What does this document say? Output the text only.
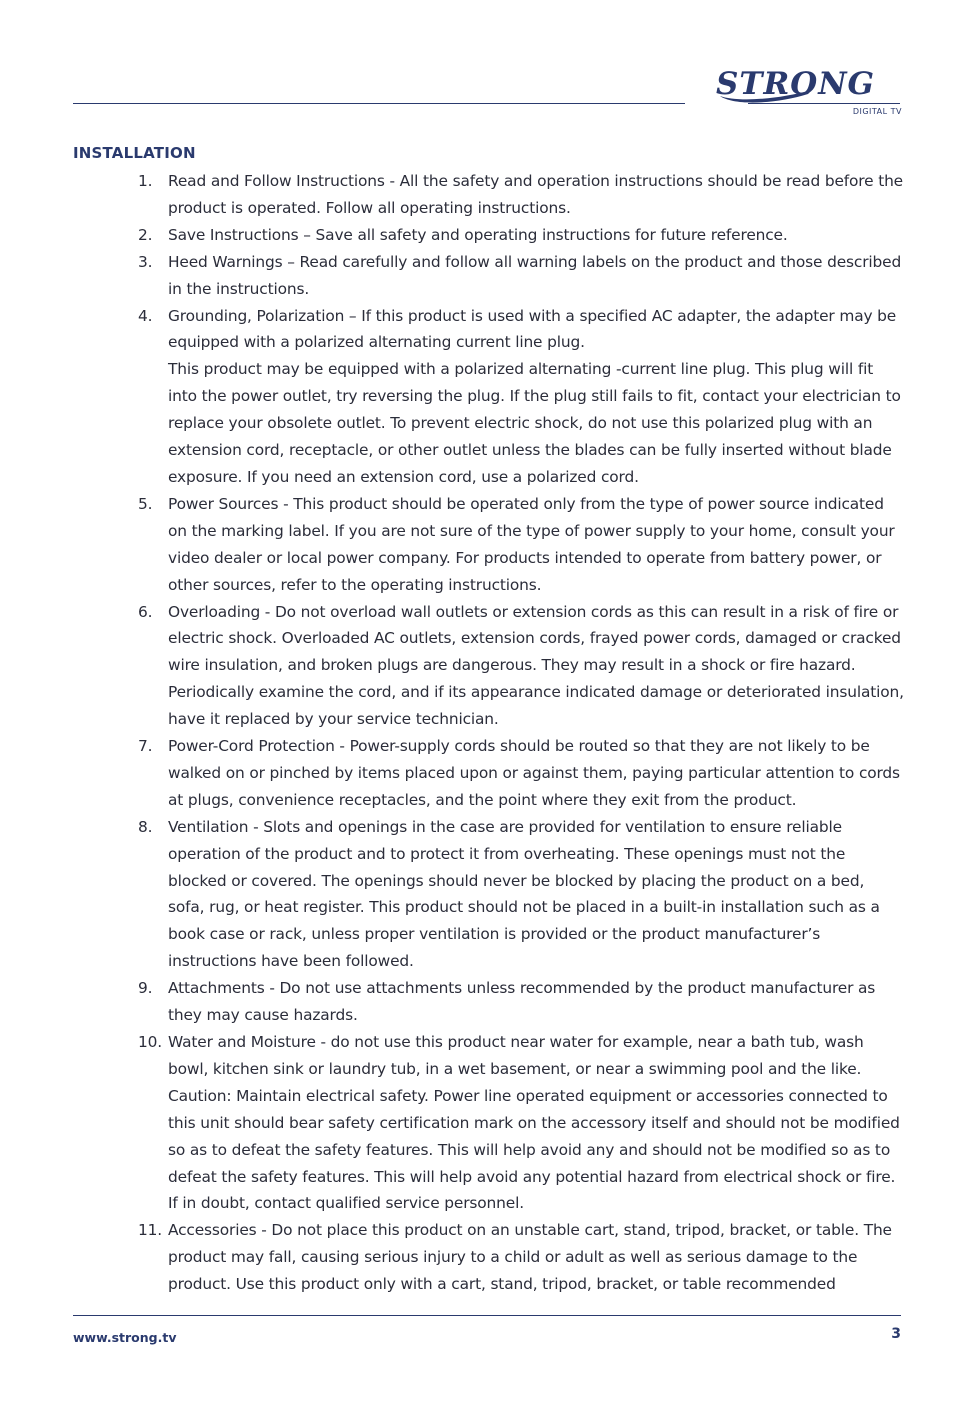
STRONG
DIGITAL TV
INSTALLATION
1.	Read and Follow Instructions - All the safety and operation instructions should be read before the product is operated. Follow all operating instructions.
2.	Save Instructions – Save all safety and operating instructions for future reference.
3.	Heed Warnings – Read carefully and follow all warning labels on the product and those described in the instructions.
4.	Grounding, Polarization – If this product is used with a specified AC adapter, the adapter may be equipped with a polarized alternating current line plug.
This product may be equipped with a polarized alternating -current line plug. This plug will fit into the power outlet, try reversing the plug. If the plug still fails to fit, contact your electrician to replace your obsolete outlet. To prevent electric shock, do not use this polarized plug with an extension cord, receptacle, or other outlet unless the blades can be fully inserted without blade exposure. If you need an extension cord, use a polarized cord.
5.	Power Sources - This product should be operated only from the type of power source indicated on the marking label. If you are not sure of the type of power supply to your home, consult your video dealer or local power company. For products intended to operate from battery power, or other sources, refer to the operating instructions.
6.	Overloading - Do not overload wall outlets or extension cords as this can result in a risk of fire or electric shock. Overloaded AC outlets, extension cords, frayed power cords, damaged or cracked wire insulation, and broken plugs are dangerous. They may result in a shock or fire hazard. Periodically examine the cord, and if its appearance indicated damage or deteriorated insulation, have it replaced by your service technician.
7.	Power-Cord Protection - Power-supply cords should be routed so that they are not likely to be walked on or pinched by items placed upon or against them, paying particular attention to cords at plugs, convenience receptacles, and the point where they exit from the product.
8.	Ventilation - Slots and openings in the case are provided for ventilation to ensure reliable operation of the product and to protect it from overheating. These openings must not the blocked or covered. The openings should never be blocked by placing the product on a bed, sofa, rug, or heat register. This product should not be placed in a built-in installation such as a book case or rack, unless proper ventilation is provided or the product manufacturer’s instructions have been followed.
9.	Attachments - Do not use attachments unless recommended by the product manufacturer as they may cause hazards.
10. Water and Moisture - do not use this product near water for example, near a bath tub, wash bowl, kitchen sink or laundry tub, in a wet basement, or near a swimming pool and the like. Caution: Maintain electrical safety. Power line operated equipment or accessories connected to this unit should bear safety certification mark on the accessory itself and should not be modified so as to defeat the safety features. This will help avoid any and should not be modified so as to defeat the safety features. This will help avoid any potential hazard from electrical shock or fire. If in doubt, contact qualified service personnel.
11. Accessories - Do not place this product on an unstable cart, stand, tripod, bracket, or table. The product may fall, causing serious injury to a child or adult as well as serious damage to the product. Use this product only with a cart, stand, tripod, bracket, or table recommended
www.strong.tv	3
